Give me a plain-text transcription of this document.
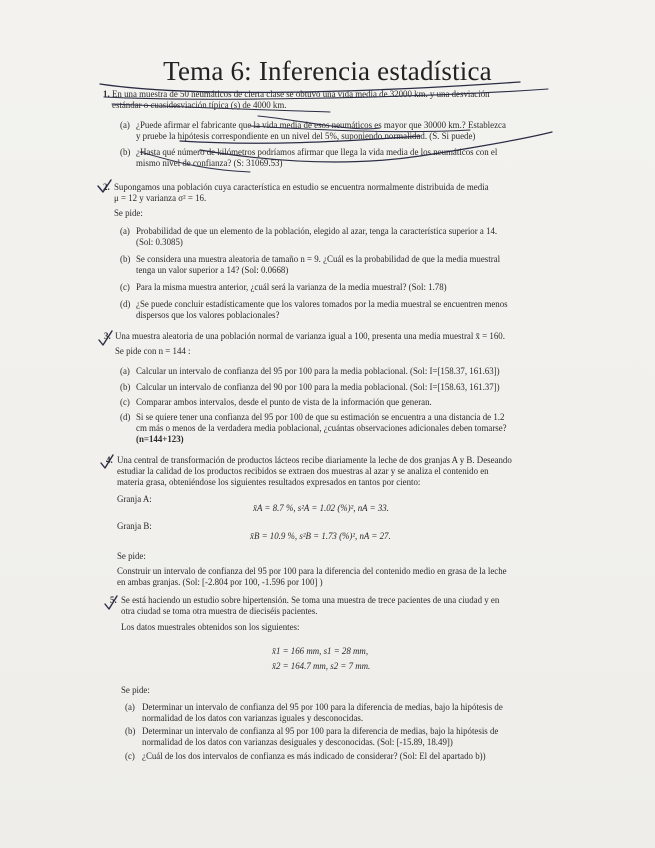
Tema 6: Inferencia estadística
1. En una muestra de 50 neumáticos de cierta clase se obtuvo una vida media de 32000 km. y una desviación
estándar o cuasidesviación típica (s) de 4000 km.
(a) ¿Puede afirmar el fabricante que la vida media de esos neumáticos es mayor que 30000 km.? Establezca
y pruebe la hipótesis correspondiente en un nivel del 5%, suponiendo normalidad. (S. Si puede)
(b) ¿Hasta qué número de kilómetros podríamos afirmar que llega la vida media de los neumáticos con el
mismo nivel de confianza? (S: 31069.53)
2. Supongamos una población cuya característica en estudio se encuentra normalmente distribuida de media
μ = 12 y varianza σ² = 16.
Se pide:
(a) Probabilidad de que un elemento de la población, elegido al azar, tenga la característica superior a 14.
(Sol: 0.3085)
(b) Se considera una muestra aleatoria de tamaño n = 9. ¿Cuál es la probabilidad de que la media muestral
tenga un valor superior a 14? (Sol: 0.0668)
(c) Para la misma muestra anterior, ¿cuál será la varianza de la media muestral? (Sol: 1.78)
(d) ¿Se puede concluir estadísticamente que los valores tomados por la media muestral se encuentren menos
dispersos que los valores poblacionales?
3. Una muestra aleatoria de una población normal de varianza igual a 100, presenta una media muestral x̄ = 160.
Se pide con n = 144 :
(a) Calcular un intervalo de confianza del 95 por 100 para la media poblacional. (Sol: I=[158.37, 161.63])
(b) Calcular un intervalo de confianza del 90 por 100 para la media poblacional. (Sol: I=[158.63, 161.37])
(c) Comparar ambos intervalos, desde el punto de vista de la información que generan.
(d) Si se quiere tener una confianza del 95 por 100 de que su estimación se encuentra a una distancia de 1.2
cm más o menos de la verdadera media poblacional, ¿cuántas observaciones adicionales deben tomarse?
(n=144+123)
4. Una central de transformación de productos lácteos recibe diariamente la leche de dos granjas A y B. Deseando
estudiar la calidad de los productos recibidos se extraen dos muestras al azar y se analiza el contenido en
materia grasa, obteniéndose los siguientes resultados expresados en tantos por ciento:
Granja A:
x̄A = 8.7 %, s²A = 1.02 (%)², nA = 33.
Granja B:
x̄B = 10.9 %, s²B = 1.73 (%)², nA = 27.
Se pide:
Construir un intervalo de confianza del 95 por 100 para la diferencia del contenido medio en grasa de la leche
en ambas granjas. (Sol: [-2.804 por 100, -1.596 por 100] )
5. Se está haciendo un estudio sobre hipertensión. Se toma una muestra de trece pacientes de una ciudad y en
otra ciudad se toma otra muestra de dieciséis pacientes.
Los datos muestrales obtenidos son los siguientes:
x̄1 = 166 mm, s1 = 28 mm,
x̄2 = 164.7 mm, s2 = 7 mm.
Se pide:
(a) Determinar un intervalo de confianza del 95 por 100 para la diferencia de medias, bajo la hipótesis de
normalidad de los datos con varianzas iguales y desconocidas.
(b) Determinar un intervalo de confianza al 95 por 100 para la diferencia de medias, bajo la hipótesis de
normalidad de los datos con varianzas desiguales y desconocidas. (Sol: [-15.89, 18.49])
(c) ¿Cuál de los dos intervalos de confianza es más indicado de considerar? (Sol: El del apartado b))
